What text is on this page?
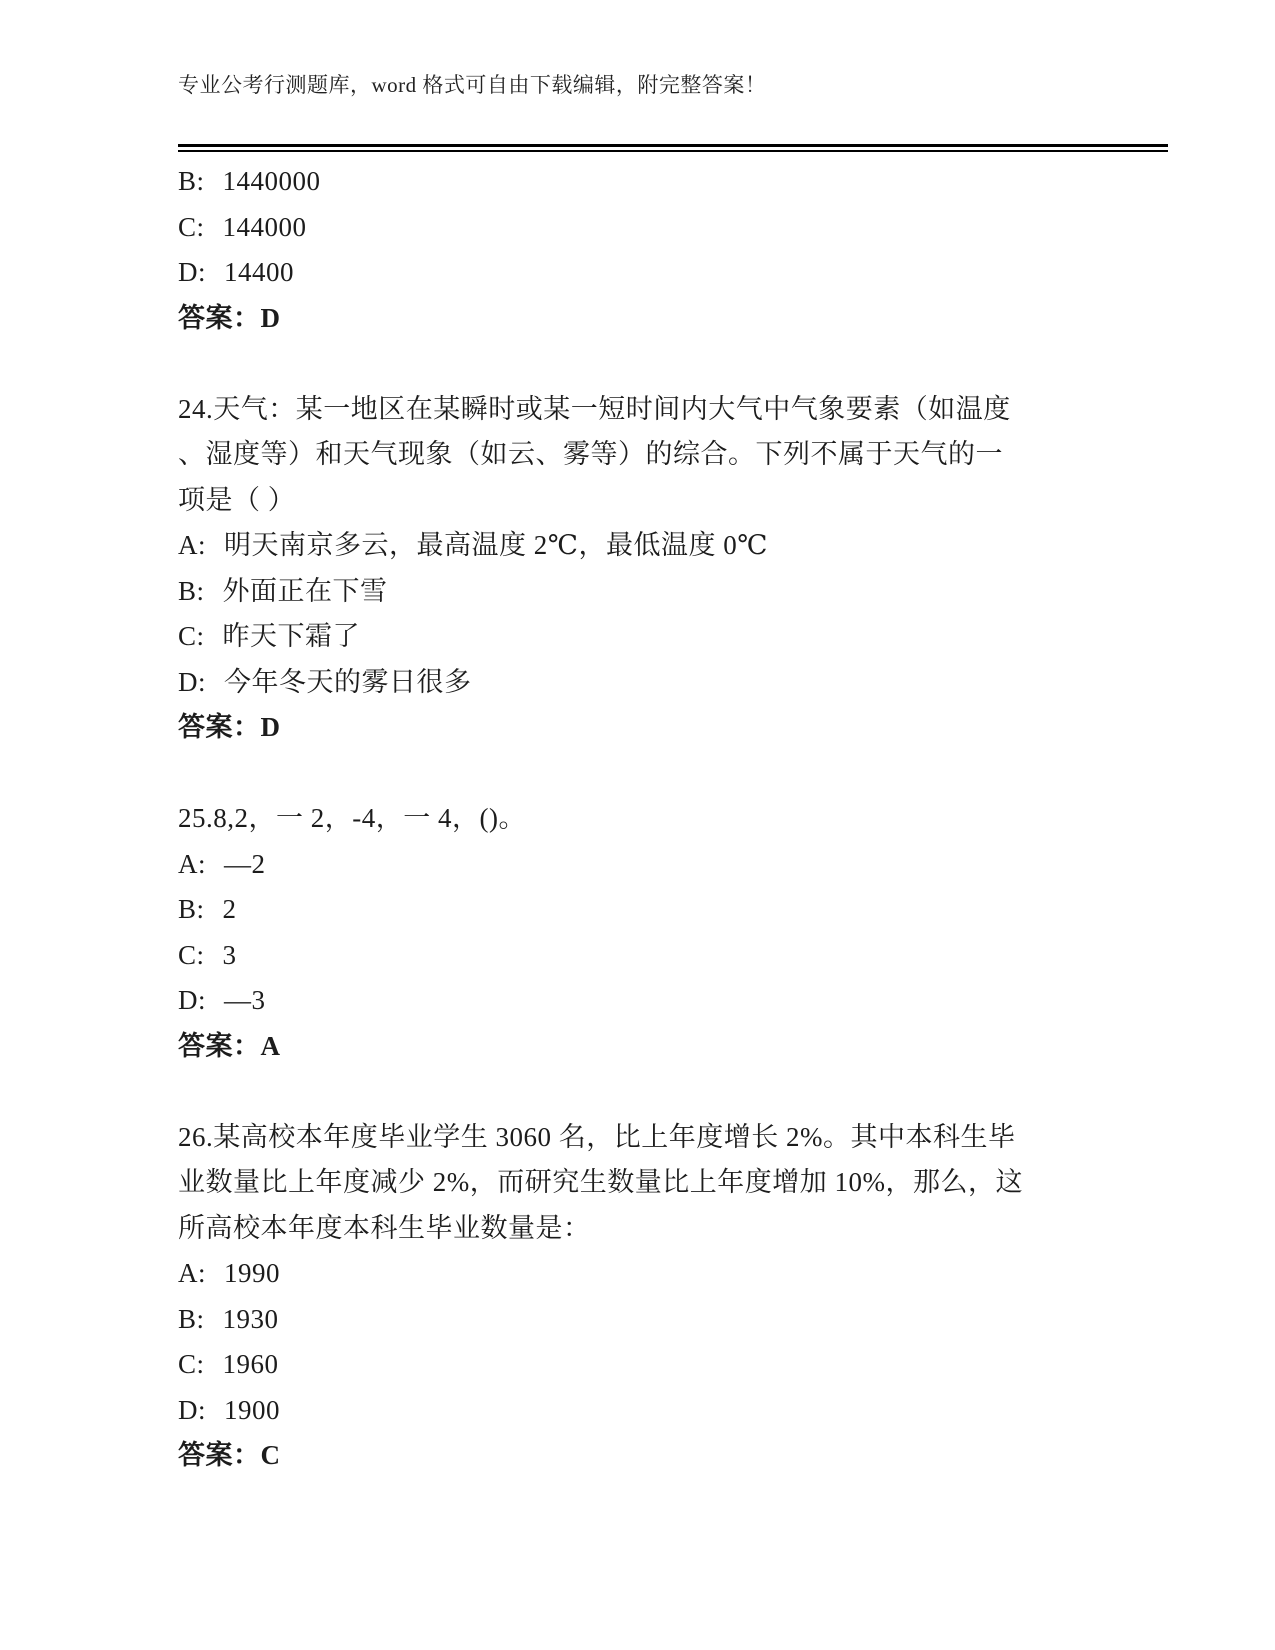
专业公考行测题库，word 格式可自由下载编辑，附完整答案！
B: 1440000
C: 144000
D: 14400
答案：D
24.天气：某一地区在某瞬时或某一短时间内大气中气象要素（如温度
、湿度等）和天气现象（如云、雾等）的综合。下列不属于天气的一
项是（ ）
A: 明天南京多云，最高温度 2℃，最低温度 0℃
B: 外面正在下雪
C: 昨天下霜了
D: 今年冬天的雾日很多
答案：D
25.8,2，一 2，-4，一 4，()。
A: —2
B: 2
C: 3
D: —3
答案：A
26.某高校本年度毕业学生 3060 名，比上年度增长 2%。其中本科生毕
业数量比上年度减少 2%，而研究生数量比上年度增加 10%，那么，这
所高校本年度本科生毕业数量是：
A: 1990
B: 1930
C: 1960
D: 1900
答案：C
